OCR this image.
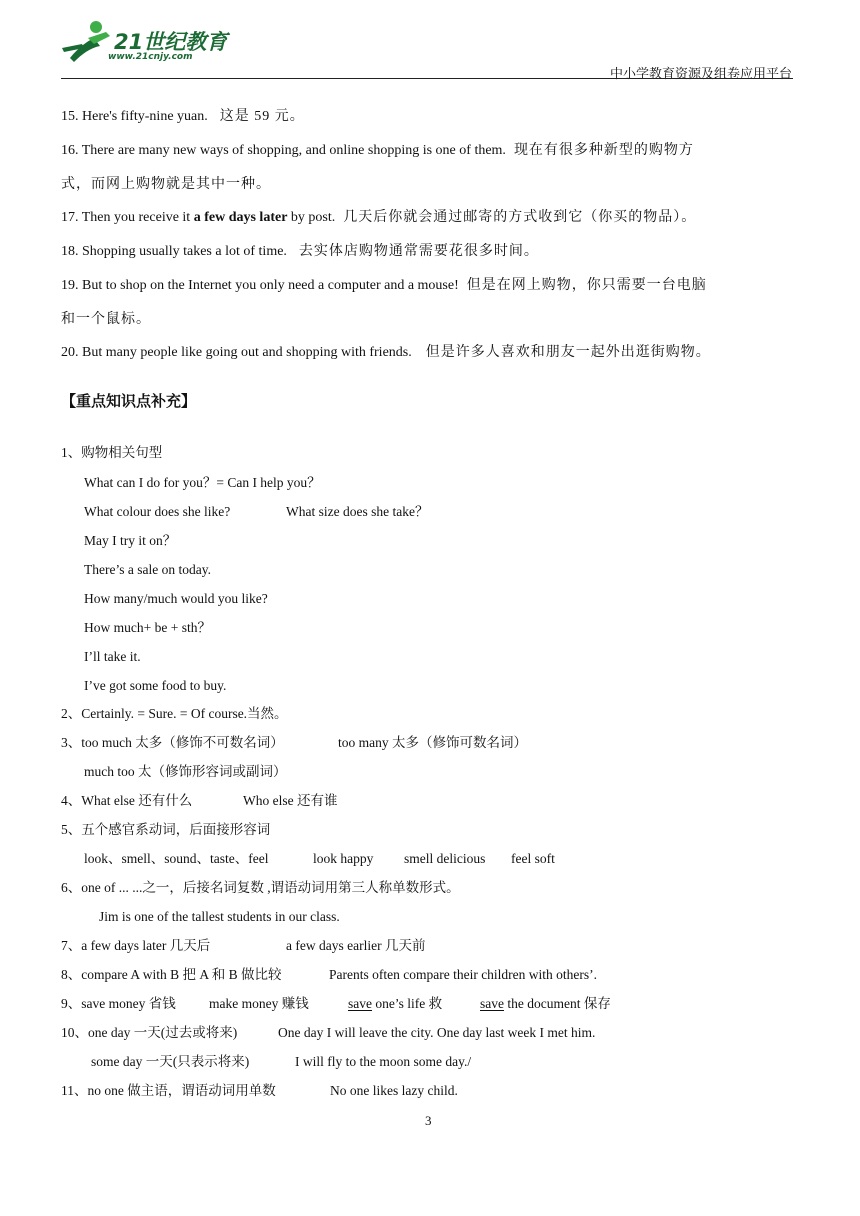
21世纪教育
www.21cnjy.com
中小学教育资源及组卷应用平台
15. Here's fifty-nine yuan. 这是 59 元。
16. There are many new ways of shopping, and online shopping is one of them. 现在有很多种新型的购物方
式，而网上购物就是其中一种。
17. Then you receive it a few days later by post. 几天后你就会通过邮寄的方式收到它（你买的物品）。
18. Shopping usually takes a lot of time. 去实体店购物通常需要花很多时间。
19. But to shop on the Internet you only need a computer and a mouse! 但是在网上购物，你只需要一台电脑
和一个鼠标。
20. But many people like going out and shopping with friends. 但是许多人喜欢和朋友一起外出逛街购物。
【重点知识点补充】
1、购物相关句型
What can I do for you？= Can I help you？
What colour does she like?	What size does she take？
May I try it on？
There’s a sale on today.
How many/much would you like?
How much+ be + sth？
I’ll take it.
I’ve got some food to buy.
2、Certainly. = Sure. = Of course.当然。
3、too much 太多（修饰不可数名词）	too many 太多（修饰可数名词）
much too 太（修饰形容词或副词）
4、What else 还有什么	Who else 还有谁
5、五个感官系动词，后面接形容词
look、smell、sound、taste、feel	look happy smell delicious feel soft
6、one of ... ...之一，后接名词复数 ,谓语动词用第三人称单数形式。
Jim is one of the tallest students in our class.
7、a few days later 几天后	a few days earlier 几天前
8、compare A with B 把 A 和 B 做比较	Parents often compare their children with others’.
9、save money 省钱 make money 赚钱	save one’s life 救	save the document 保存
10、one day 一天(过去或将来)	One day I will leave the city. One day last week I met him.
some day 一天(只表示将来)	I will fly to the moon some day./
11、no one 做主语，谓语动词用单数	No one likes lazy child.
3
